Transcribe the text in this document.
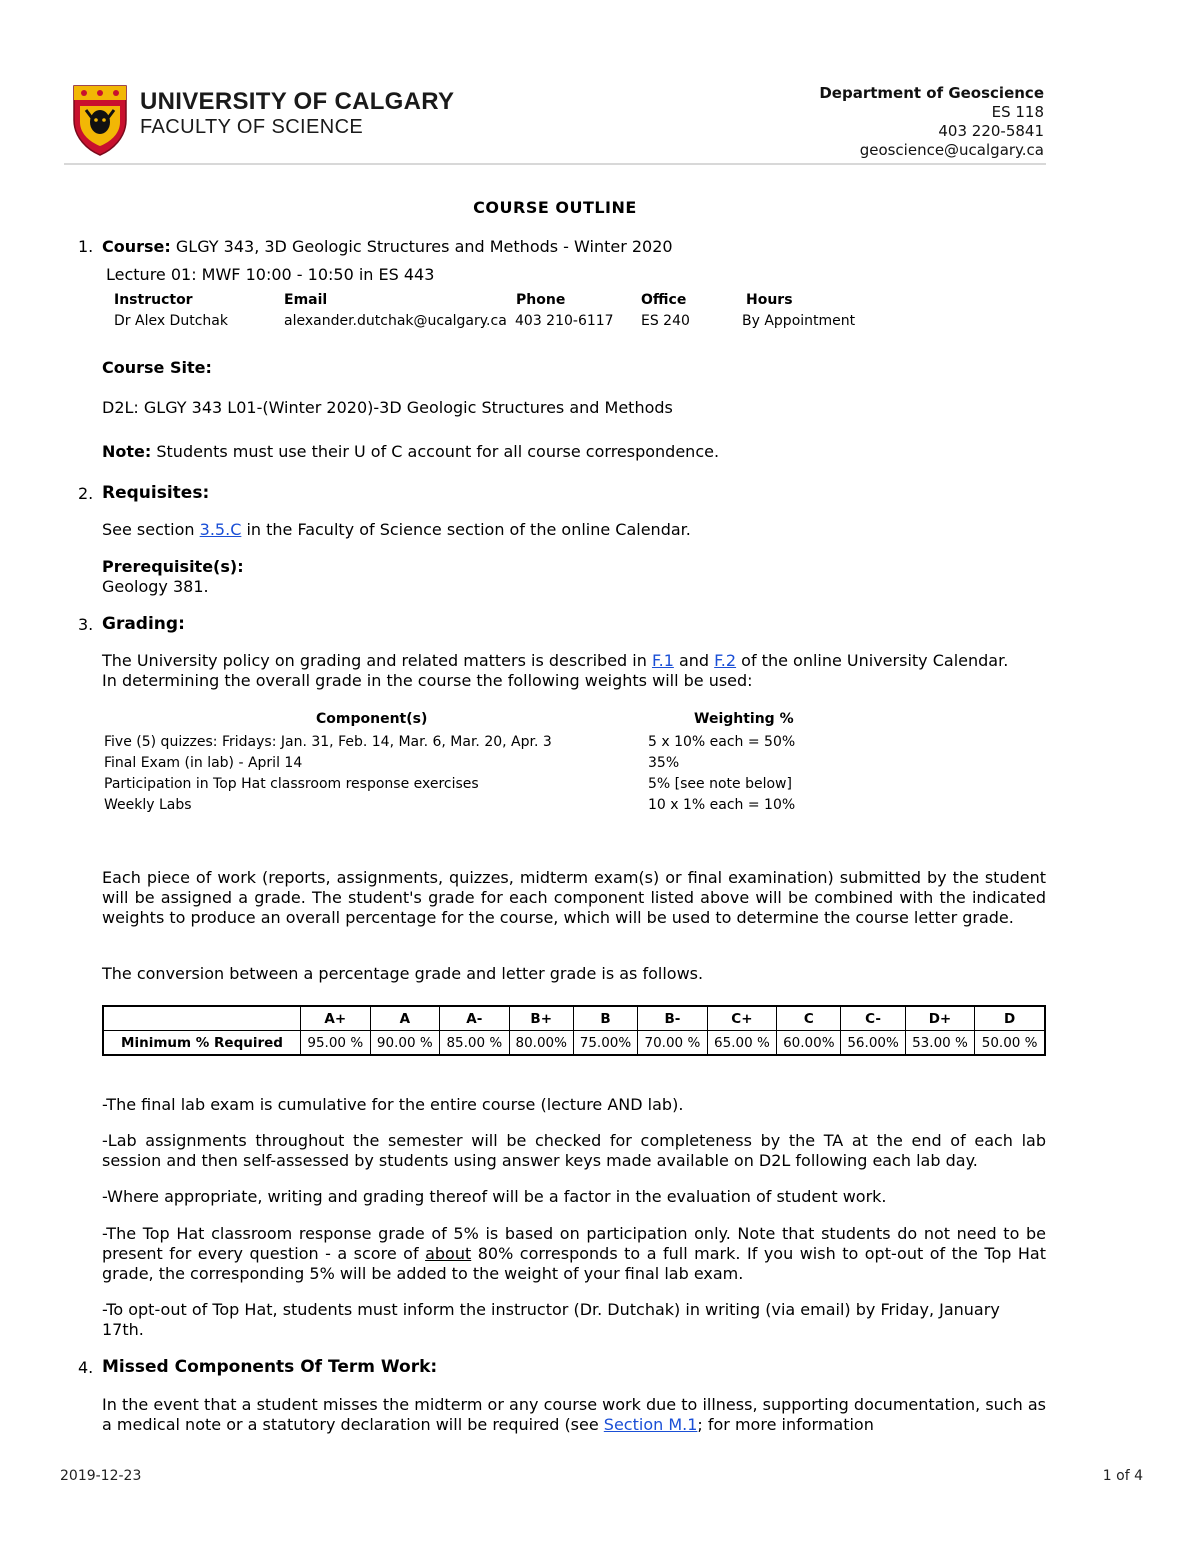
UNIVERSITY OF CALGARY
FACULTY OF SCIENCE
Department of Geoscience
ES 118
403 220-5841
geoscience@ucalgary.ca
COURSE OUTLINE
1. Course: GLGY 343, 3D Geologic Structures and Methods - Winter 2020
Lecture 01: MWF 10:00 - 10:50 in ES 443
Instructor	Email	Phone	Office	Hours
Dr Alex Dutchak	alexander.dutchak@ucalgary.ca 403 210-6117 ES 240	By Appointment
Course Site:
D2L: GLGY 343 L01-(Winter 2020)-3D Geologic Structures and Methods
Note: Students must use their U of C account for all course correspondence.
2. Requisites:
See section 3.5.C in the Faculty of Science section of the online Calendar.
Prerequisite(s):
Geology 381.
3. Grading:
The University policy on grading and related matters is described in F.1 and F.2 of the online University Calendar.
In determining the overall grade in the course the following weights will be used:
Component(s)	Weighting %
Five (5) quizzes: Fridays: Jan. 31, Feb. 14, Mar. 6, Mar. 20, Apr. 3	5 x 10% each = 50%
Final Exam (in lab) - April 14	35%
Participation in Top Hat classroom response exercises	5% [see note below]
Weekly Labs	10 x 1% each = 10%
Each piece of work (reports, assignments, quizzes, midterm exam(s) or final examination) submitted by the student will be assigned a grade. The student's grade for each component listed above will be combined with the indicated weights to produce an overall percentage for the course, which will be used to determine the course letter grade.
The conversion between a percentage grade and letter grade is as follows.
	A+	A	A-	B+	B	B-	C+	C	C-	D+	D
Minimum % Required	95.00 %	90.00 %	85.00 %	80.00%	75.00%	70.00 %	65.00 %	60.00%	56.00%	53.00 %	50.00 %
-The final lab exam is cumulative for the entire course (lecture AND lab).
-Lab assignments throughout the semester will be checked for completeness by the TA at the end of each lab session and then self-assessed by students using answer keys made available on D2L following each lab day.
-Where appropriate, writing and grading thereof will be a factor in the evaluation of student work.
-The Top Hat classroom response grade of 5% is based on participation only. Note that students do not need to be present for every question - a score of about 80% corresponds to a full mark. If you wish to opt-out of the Top Hat grade, the corresponding 5% will be added to the weight of your final lab exam.
-To opt-out of Top Hat, students must inform the instructor (Dr. Dutchak) in writing (via email) by Friday, January 17th.
4. Missed Components Of Term Work:
In the event that a student misses the midterm or any course work due to illness, supporting documentation, such as a medical note or a statutory declaration will be required (see Section M.1; for more information
2019-12-23	1 of 4
